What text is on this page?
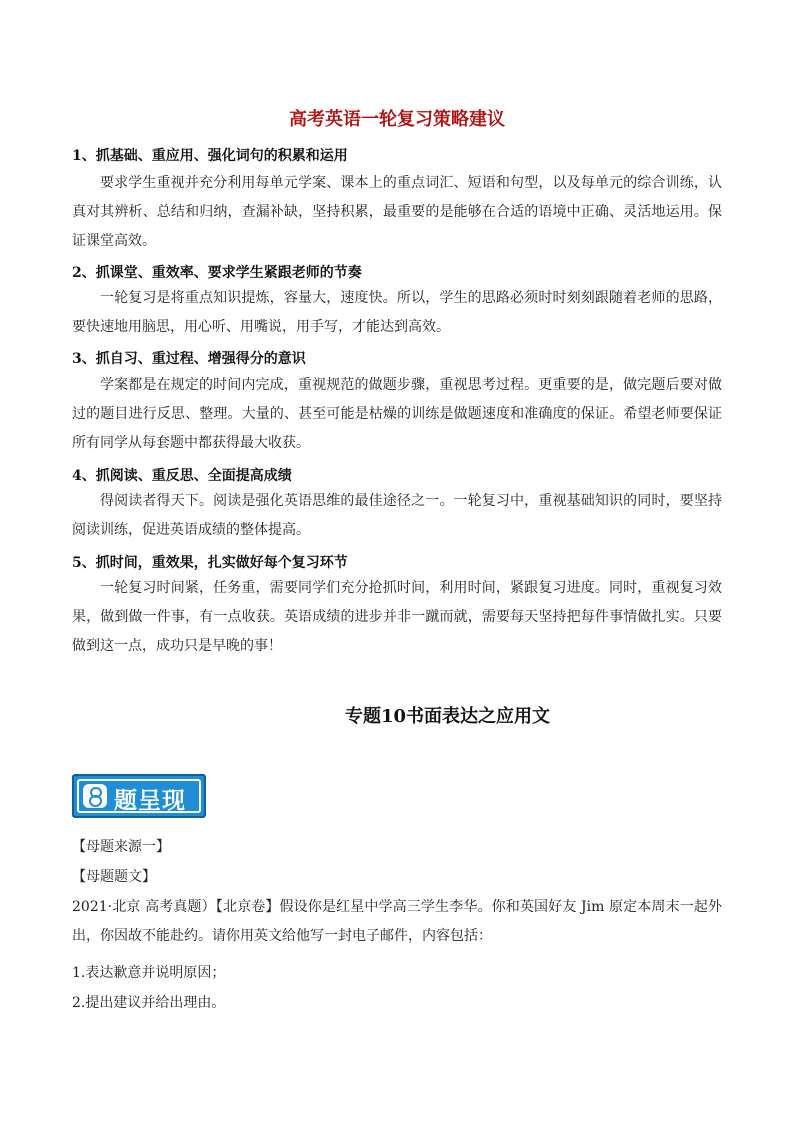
高考英语一轮复习策略建议
1、抓基础、重应用、强化词句的积累和运用
要求学生重视并充分利用每单元学案、课本上的重点词汇、短语和句型，以及每单元的综合训练，认真对其辨析、总结和归纳，查漏补缺，坚持积累，最重要的是能够在合适的语境中正确、灵活地运用。保证课堂高效。
2、抓课堂、重效率、要求学生紧跟老师的节奏
一轮复习是将重点知识提炼，容量大，速度快。所以，学生的思路必须时时刻刻跟随着老师的思路，要快速地用脑思，用心听、用嘴说，用手写，才能达到高效。
3、抓自习、重过程、增强得分的意识
学案都是在规定的时间内完成，重视规范的做题步骤，重视思考过程。更重要的是，做完题后要对做过的题目进行反思、整理。大量的、甚至可能是枯燥的训练是做题速度和准确度的保证。希望老师要保证所有同学从每套题中都获得最大收获。
4、抓阅读、重反思、全面提高成绩
得阅读者得天下。阅读是强化英语思维的最佳途径之一。一轮复习中，重视基础知识的同时，要坚持阅读训练，促进英语成绩的整体提高。
5、抓时间，重效果，扎实做好每个复习环节
一轮复习时间紧，任务重，需要同学们充分抢抓时间，利用时间，紧跟复习进度。同时，重视复习效果，做到做一件事，有一点收获。英语成绩的进步并非一蹴而就，需要每天坚持把每件事情做扎实。只要做到这一点，成功只是早晚的事！
专题10书面表达之应用文
题呈现
【母题来源一】
【母题题文】
2021·北京 高考真题）【北京卷】假设你是红星中学高三学生李华。你和英国好友 Jim 原定本周末一起外出，你因故不能赴约。请你用英文给他写一封电子邮件，内容包括：
1.表达歉意并说明原因；
2.提出建议并给出理由。
